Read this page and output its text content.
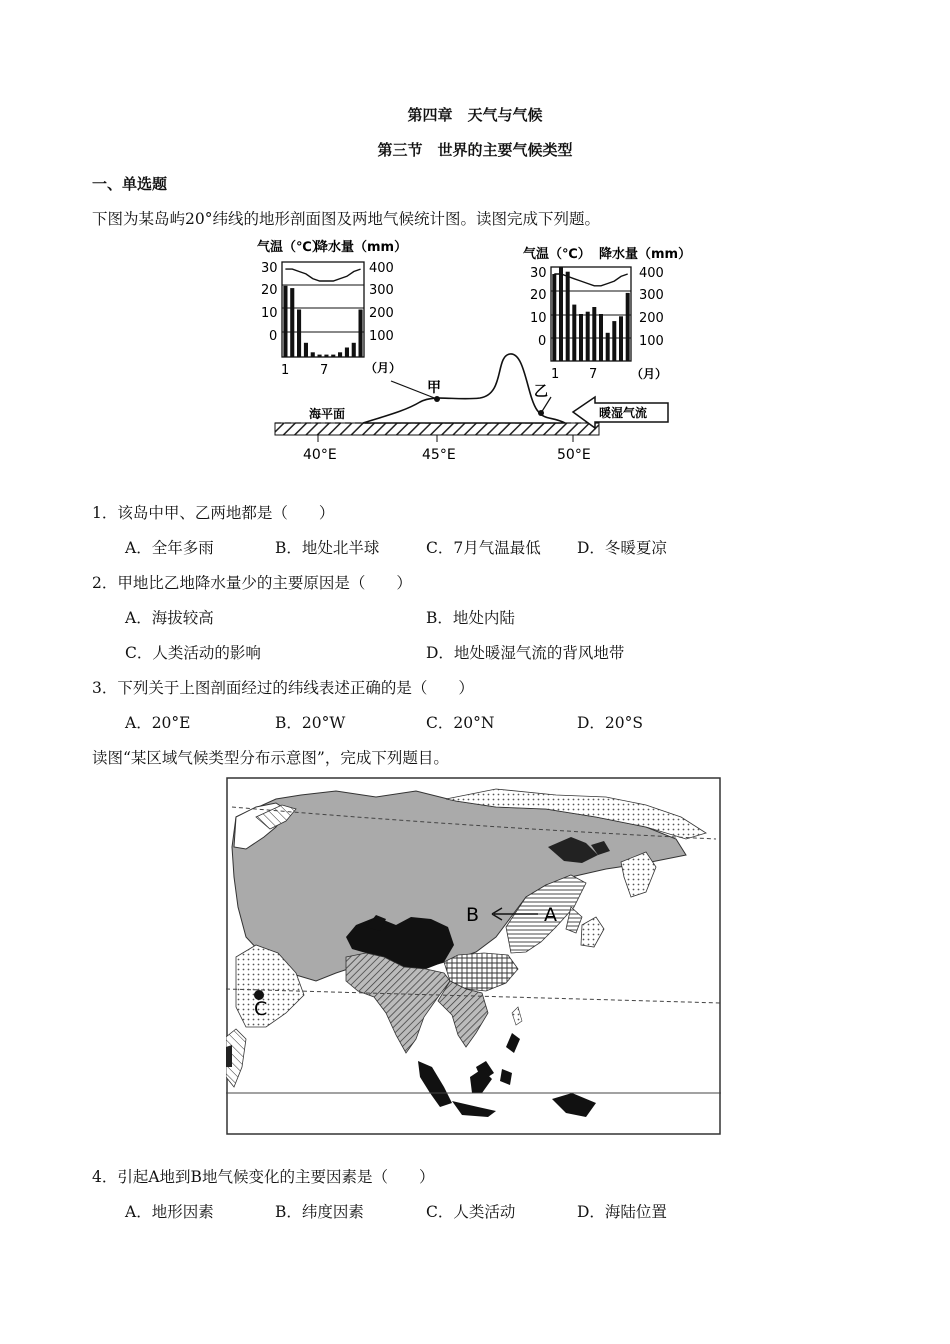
第四章　天气与气候
第三节　世界的主要气候类型
一、单选题
下图为某岛屿20°纬线的地形剖面图及两地气候统计图。读图完成下列题。
气温（℃）
降水量（mm）
30
20
10
0
400
300
200
100
1 7	（月）
气温（℃） 降水量（mm）
30
20
10
0
400
300
200
100
1 7	（月）
甲	乙
海平面	暖湿气流
40°E	45°E	50°E
1．该岛中甲、乙两地都是（　　）
A．全年多雨	B．地处北半球	C．7月气温最低 D．冬暖夏凉
2．甲地比乙地降水量少的主要原因是（　　）
A．海拔较高	B．地处内陆
C．人类活动的影响	D．地处暖湿气流的背风地带
3．下列关于上图剖面经过的纬线表述正确的是（　　）
A．20°E	B．20°W	C．20°N	D．20°S
读图“某区域气候类型分布示意图”，完成下列题目。
B	A
C
4．引起A地到B地气候变化的主要因素是（　　）
A．地形因素	B．纬度因素	C．人类活动	D．海陆位置
